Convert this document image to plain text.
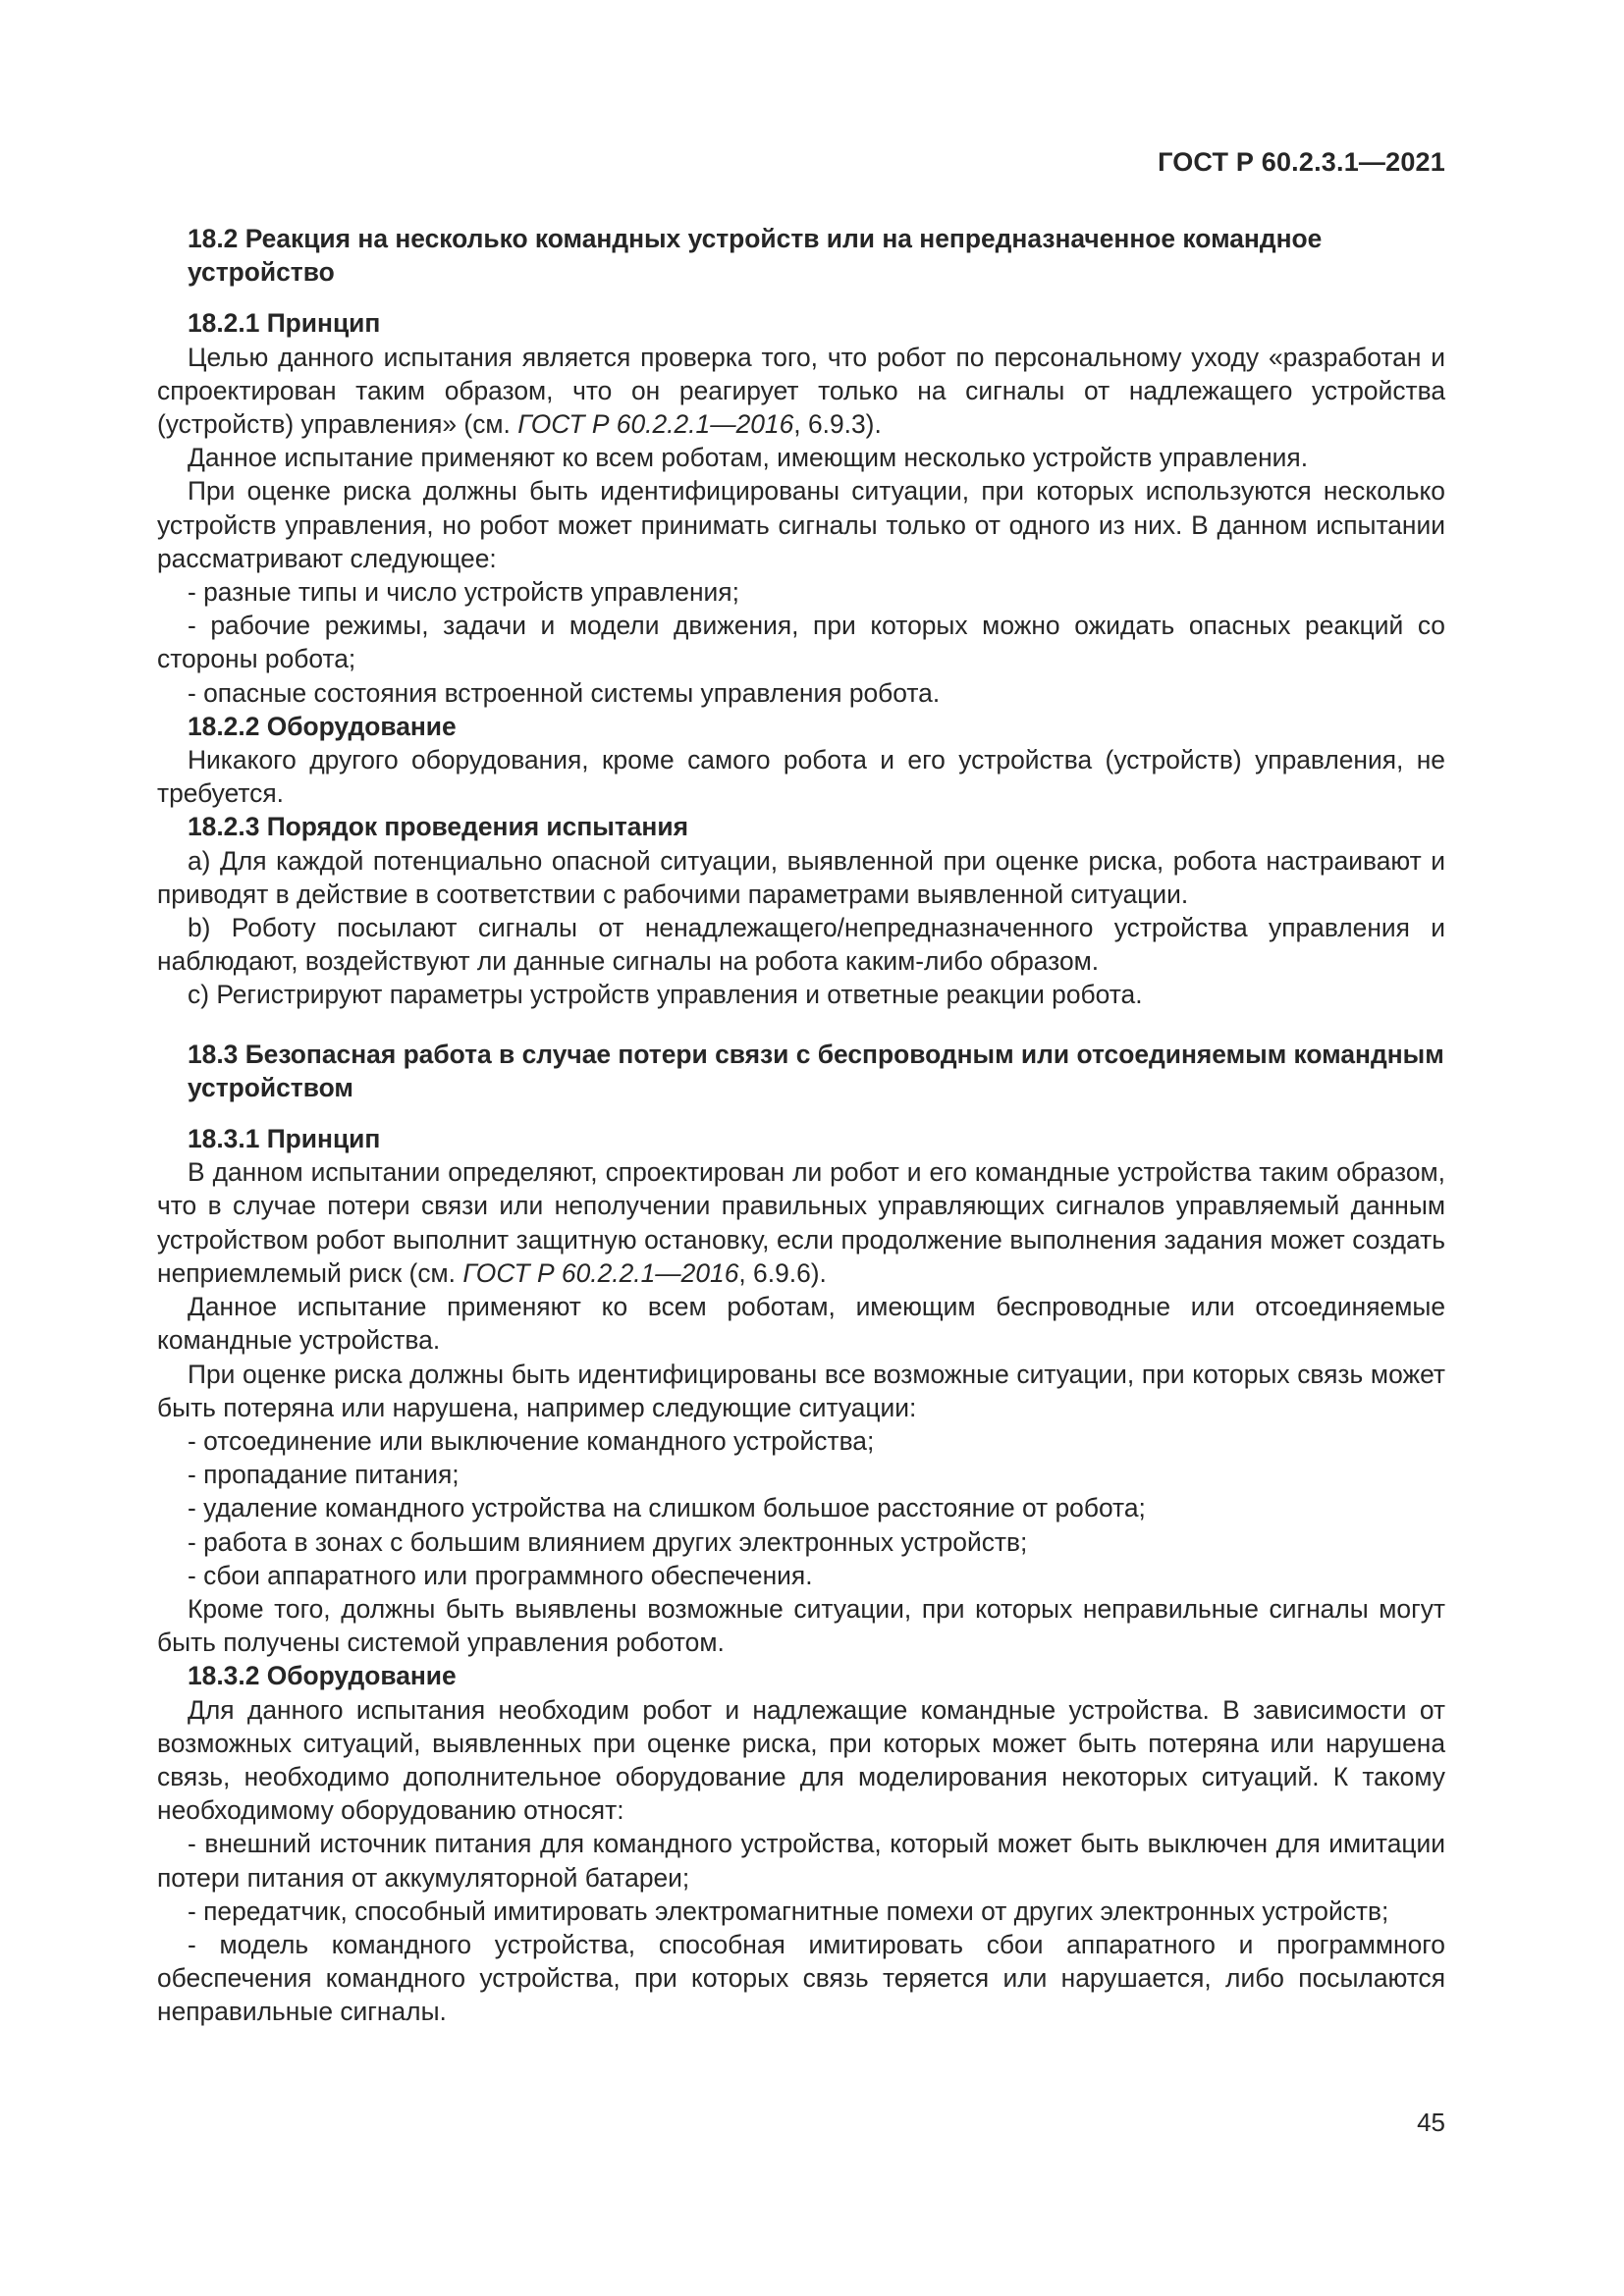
ГОСТ Р 60.2.3.1—2021

18.2 Реакция на несколько командных устройств или на непредназначенное командное устройство

18.2.1 Принцип

Целью данного испытания является проверка того, что робот по персональному уходу «разработан и спроектирован таким образом, что он реагирует только на сигналы от надлежащего устройства (устройств) управления» (см. ГОСТ Р 60.2.2.1—2016, 6.9.3).

Данное испытание применяют ко всем роботам, имеющим несколько устройств управления.

При оценке риска должны быть идентифицированы ситуации, при которых используются несколько устройств управления, но робот может принимать сигналы только от одного из них. В данном испытании рассматривают следующее:

- разные типы и число устройств управления;

- рабочие режимы, задачи и модели движения, при которых можно ожидать опасных реакций со стороны робота;

- опасные состояния встроенной системы управления робота.

18.2.2 Оборудование

Никакого другого оборудования, кроме самого робота и его устройства (устройств) управления, не требуется.

18.2.3 Порядок проведения испытания

а) Для каждой потенциально опасной ситуации, выявленной при оценке риска, робота настраивают и приводят в действие в соответствии с рабочими параметрами выявленной ситуации.

b) Роботу посылают сигналы от ненадлежащего/непредназначенного устройства управления и наблюдают, воздействуют ли данные сигналы на робота каким-либо образом.

с) Регистрируют параметры устройств управления и ответные реакции робота.

18.3 Безопасная работа в случае потери связи с беспроводным или отсоединяемым командным устройством

18.3.1 Принцип

В данном испытании определяют, спроектирован ли робот и его командные устройства таким образом, что в случае потери связи или неполучении правильных управляющих сигналов управляемый данным устройством робот выполнит защитную остановку, если продолжение выполнения задания может создать неприемлемый риск (см. ГОСТ Р 60.2.2.1—2016, 6.9.6).

Данное испытание применяют ко всем роботам, имеющим беспроводные или отсоединяемые командные устройства.

При оценке риска должны быть идентифицированы все возможные ситуации, при которых связь может быть потеряна или нарушена, например следующие ситуации:

- отсоединение или выключение командного устройства;

- пропадание питания;

- удаление командного устройства на слишком большое расстояние от робота;

- работа в зонах с большим влиянием других электронных устройств;

- сбои аппаратного или программного обеспечения.

Кроме того, должны быть выявлены возможные ситуации, при которых неправильные сигналы могут быть получены системой управления роботом.

18.3.2 Оборудование

Для данного испытания необходим робот и надлежащие командные устройства. В зависимости от возможных ситуаций, выявленных при оценке риска, при которых может быть потеряна или нарушена связь, необходимо дополнительное оборудование для моделирования некоторых ситуаций. К такому необходимому оборудованию относят:

- внешний источник питания для командного устройства, который может быть выключен для имитации потери питания от аккумуляторной батареи;

- передатчик, способный имитировать электромагнитные помехи от других электронных устройств;

- модель командного устройства, способная имитировать сбои аппаратного и программного обеспечения командного устройства, при которых связь теряется или нарушается, либо посылаются неправильные сигналы.

45
